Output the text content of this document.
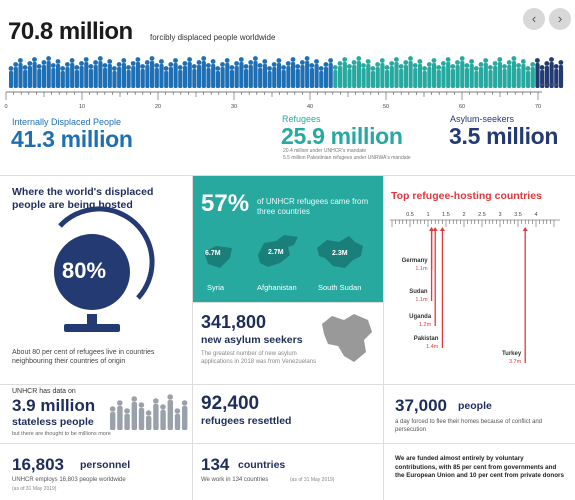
70.8 million forcibly displaced people worldwide
‹	›
0	10	20	30	40	50	60	70
MILLIONS
Internally Displaced People
41.3 million
Refugees
25.9 million
20.4 million under UNHCR's mandate
5.5 million Palestinian refugees under UNRWA's mandate
Asylum-seekers
3.5 million
Where the world's displaced people are being hosted
80%
About 80 per cent of refugees live in countries neighbouring their countries of origin
57% of UNHCR refugees came from three countries
6.7M	2.7M	2.3M
Syria	Afghanistan	South Sudan
341,800
new asylum seekers
The greatest number of new asylum applications in 2018 was from Venezuelans
Top refugee-hosting countries
0.5 1 1.5 2 2.5 3 3.5 4
Germany
1.1m
Sudan
1.1m
Uganda
1.2m
Pakistan
1.4m
Turkey
3.7m
UNHCR has data on
3.9 million
stateless people
but there are thought to be millions more
92,400
refugees resettled
37,000 people
a day forced to flee their homes because of conflict and persecution
16,803 personnel
UNHCR employs 16,803 people worldwide
(as of 31 May 2019)
134 countries
We work in 134 countries	(as of 31 May 2019)
We are funded almost entirely by voluntary contributions, with 85 per cent from governments and the European Union and 10 per cent from private donors
